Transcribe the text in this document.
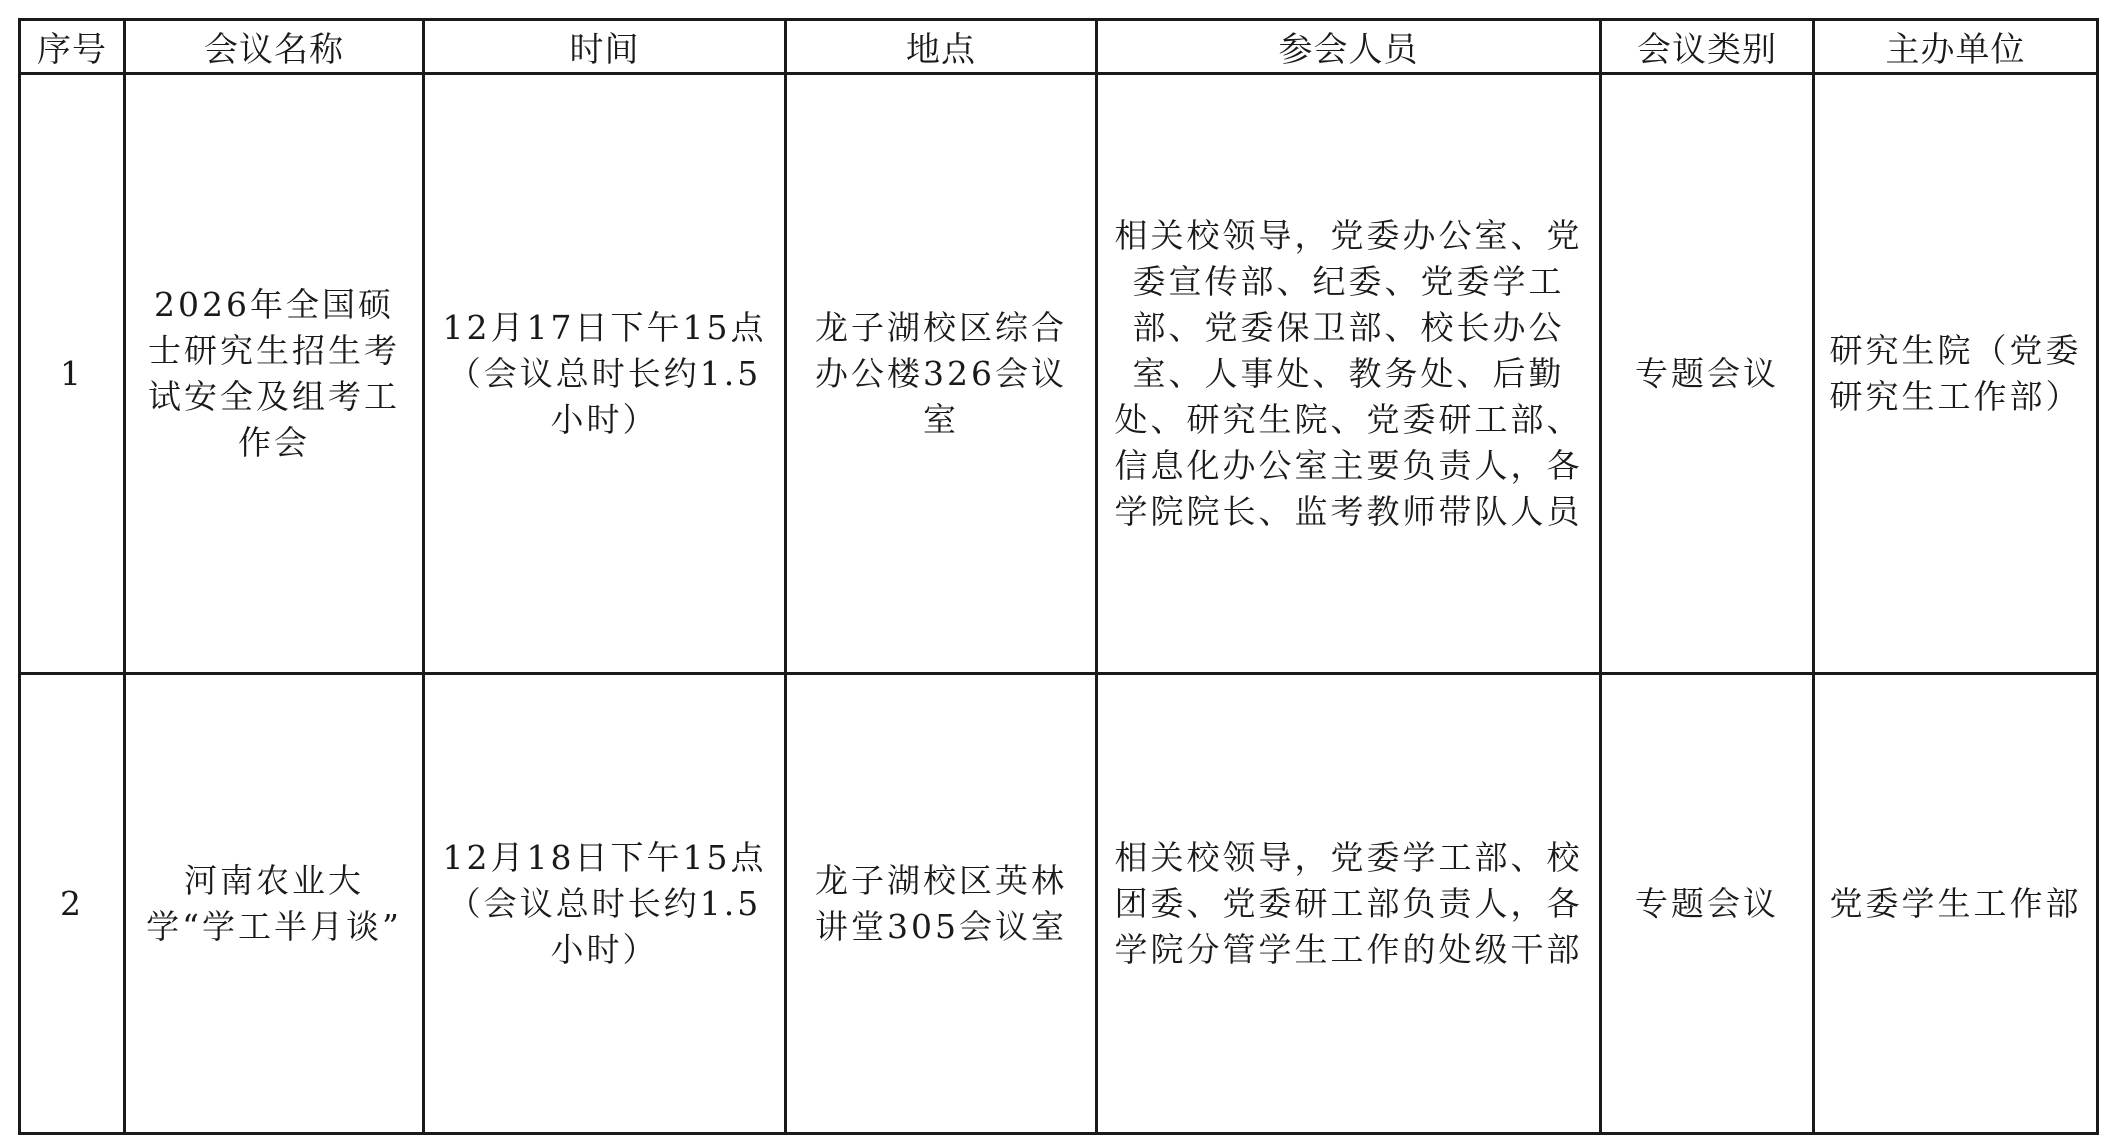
序号	会议名称	时间	地点	参会人员	会议类别	主办单位
1	2026年全国硕士研究生招生考试安全及组考工作会	12月17日下午15点（会议总时长约1.5小时）	龙子湖校区综合办公楼326会议室	相关校领导，党委办公室、党委宣传部、纪委、党委学工部、党委保卫部、校长办公室、人事处、教务处、后勤处、研究生院、党委研工部、信息化办公室主要负责人，各学院院长、监考教师带队人员	专题会议	研究生院（党委研究生工作部）
2	河南农业大学“学工半月谈”	12月18日下午15点（会议总时长约1.5小时）	龙子湖校区英林讲堂305会议室	相关校领导，党委学工部、校团委、党委研工部负责人，各学院分管学生工作的处级干部	专题会议	党委学生工作部
